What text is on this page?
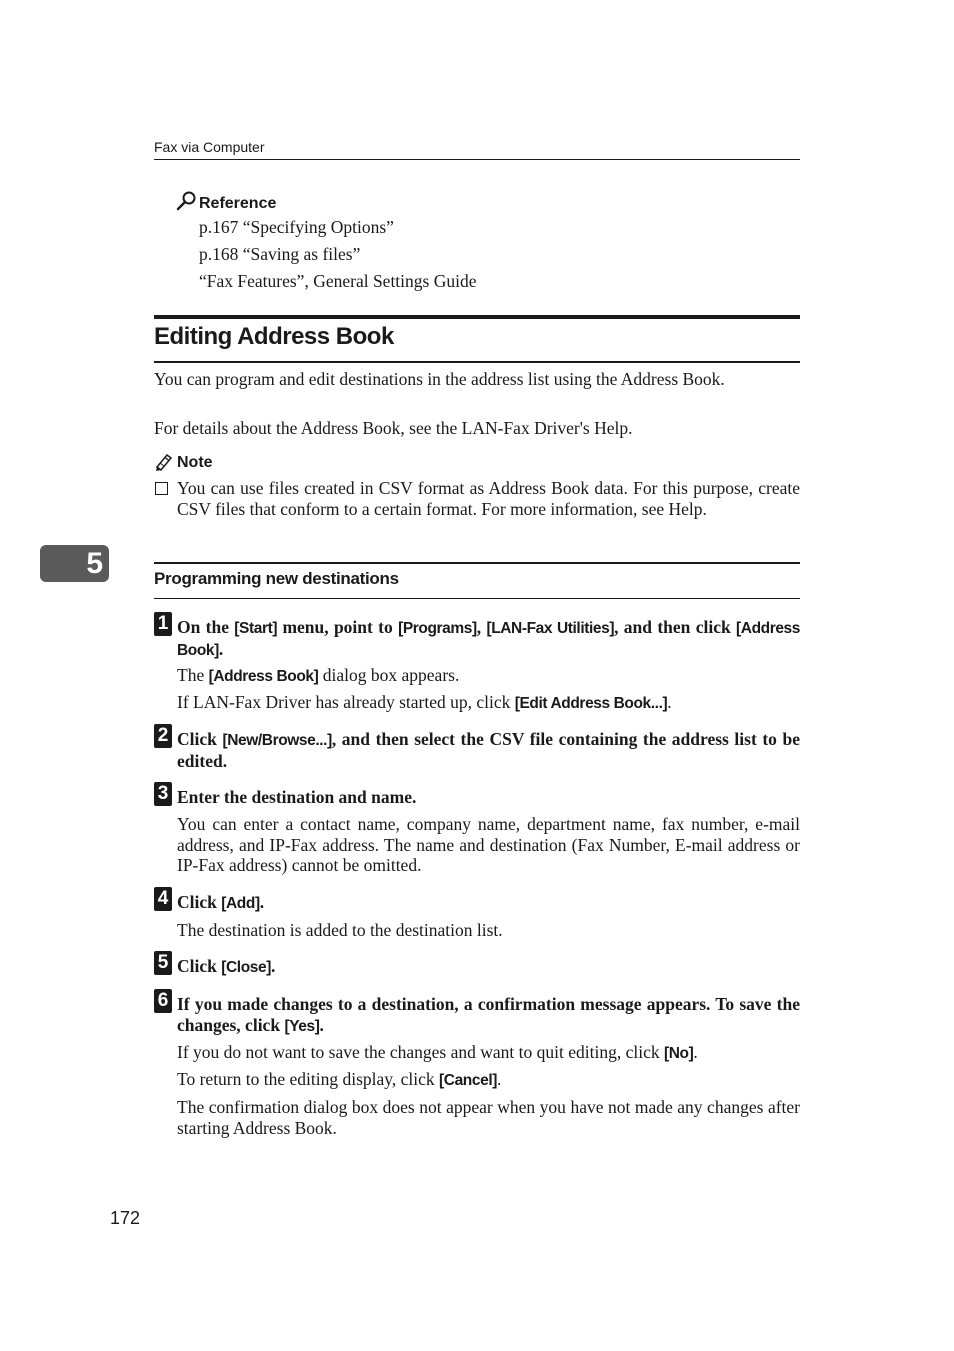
Fax via Computer
Reference
p.167 “Specifying Options”
p.168 “Saving as files”
“Fax Features”, General Settings Guide
Editing Address Book
You can program and edit destinations in the address list using the Address Book.
For details about the Address Book, see the LAN-Fax Driver's Help.
Note
You can use files created in CSV format as Address Book data. For this purpose, create CSV files that conform to a certain format. For more information, see Help.
5	Programming new destinations
1 On the [Start] menu, point to [Programs], [LAN-Fax Utilities], and then click [Address Book].
The [Address Book] dialog box appears.
If LAN-Fax Driver has already started up, click [Edit Address Book...].
2 Click [New/Browse...], and then select the CSV file containing the address list to be edited.
3 Enter the destination and name.
You can enter a contact name, company name, department name, fax number, e-mail address, and IP-Fax address. The name and destination (Fax Number, E-mail address or IP-Fax address) cannot be omitted.
4 Click [Add].
The destination is added to the destination list.
5 Click [Close].
6 If you made changes to a destination, a confirmation message appears. To save the changes, click [Yes].
If you do not want to save the changes and want to quit editing, click [No].
To return to the editing display, click [Cancel].
The confirmation dialog box does not appear when you have not made any changes after starting Address Book.
172
